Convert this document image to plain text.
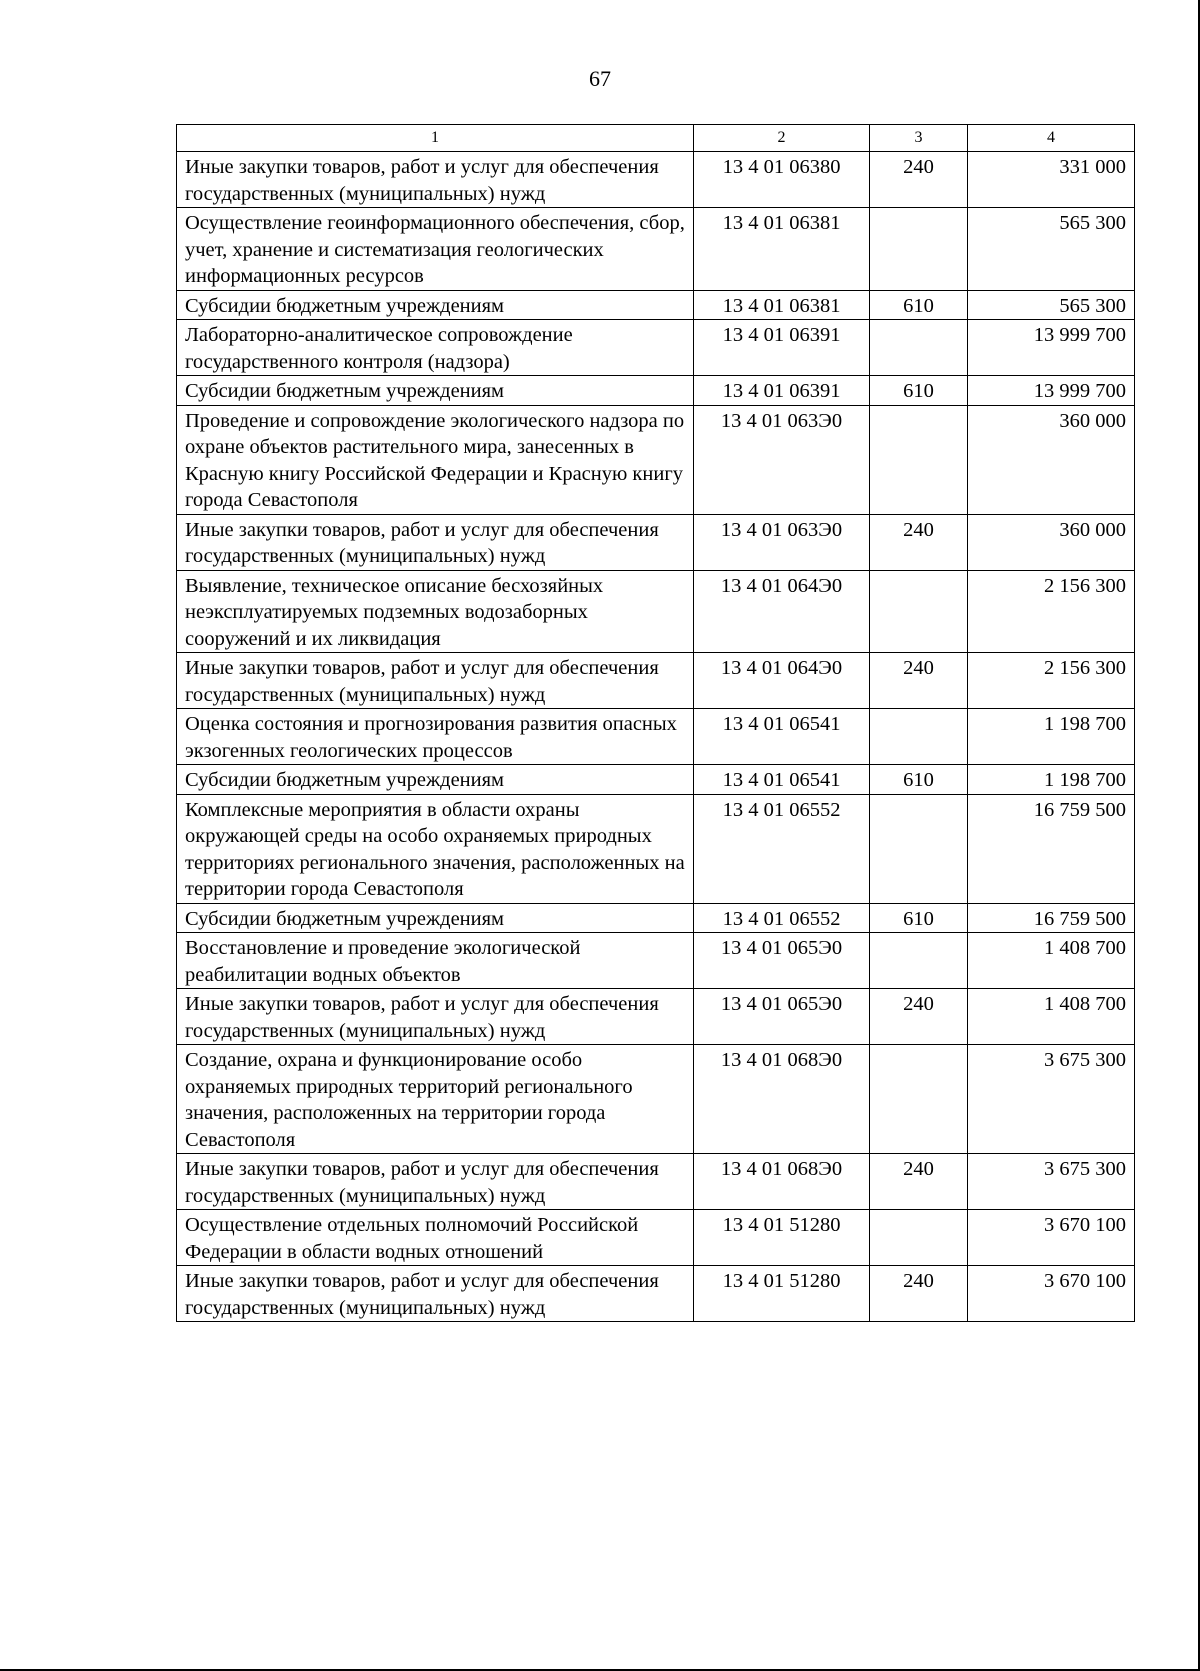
67
1	2	3	4
Иные закупки товаров, работ и услуг для обеспечения государственных (муниципальных) нужд	13 4 01 06380	240	331 000
Осуществление геоинформационного обеспечения, сбор, учет, хранение и систематизация геологических информационных ресурсов	13 4 01 06381		565 300
Субсидии бюджетным учреждениям	13 4 01 06381	610	565 300
Лабораторно-аналитическое сопровождение государственного контроля (надзора)	13 4 01 06391		13 999 700
Субсидии бюджетным учреждениям	13 4 01 06391	610	13 999 700
Проведение и сопровождение экологического надзора по охране объектов растительного мира, занесенных в Красную книгу Российской Федерации и Красную книгу города Севастополя	13 4 01 063Э0		360 000
Иные закупки товаров, работ и услуг для обеспечения государственных (муниципальных) нужд	13 4 01 063Э0	240	360 000
Выявление, техническое описание бесхозяйных неэксплуатируемых подземных водозаборных сооружений и их ликвидация	13 4 01 064Э0		2 156 300
Иные закупки товаров, работ и услуг для обеспечения государственных (муниципальных) нужд	13 4 01 064Э0	240	2 156 300
Оценка состояния и прогнозирования развития опасных экзогенных геологических процессов	13 4 01 06541		1 198 700
Субсидии бюджетным учреждениям	13 4 01 06541	610	1 198 700
Комплексные мероприятия в области охраны окружающей среды на особо охраняемых природных территориях регионального значения, расположенных на территории города Севастополя	13 4 01 06552		16 759 500
Субсидии бюджетным учреждениям	13 4 01 06552	610	16 759 500
Восстановление и проведение экологической реабилитации водных объектов	13 4 01 065Э0		1 408 700
Иные закупки товаров, работ и услуг для обеспечения государственных (муниципальных) нужд	13 4 01 065Э0	240	1 408 700
Создание, охрана и функционирование особо охраняемых природных территорий регионального значения, расположенных на территории города Севастополя	13 4 01 068Э0		3 675 300
Иные закупки товаров, работ и услуг для обеспечения государственных (муниципальных) нужд	13 4 01 068Э0	240	3 675 300
Осуществление отдельных полномочий Российской Федерации в области водных отношений	13 4 01 51280		3 670 100
Иные закупки товаров, работ и услуг для обеспечения государственных (муниципальных) нужд	13 4 01 51280	240	3 670 100
